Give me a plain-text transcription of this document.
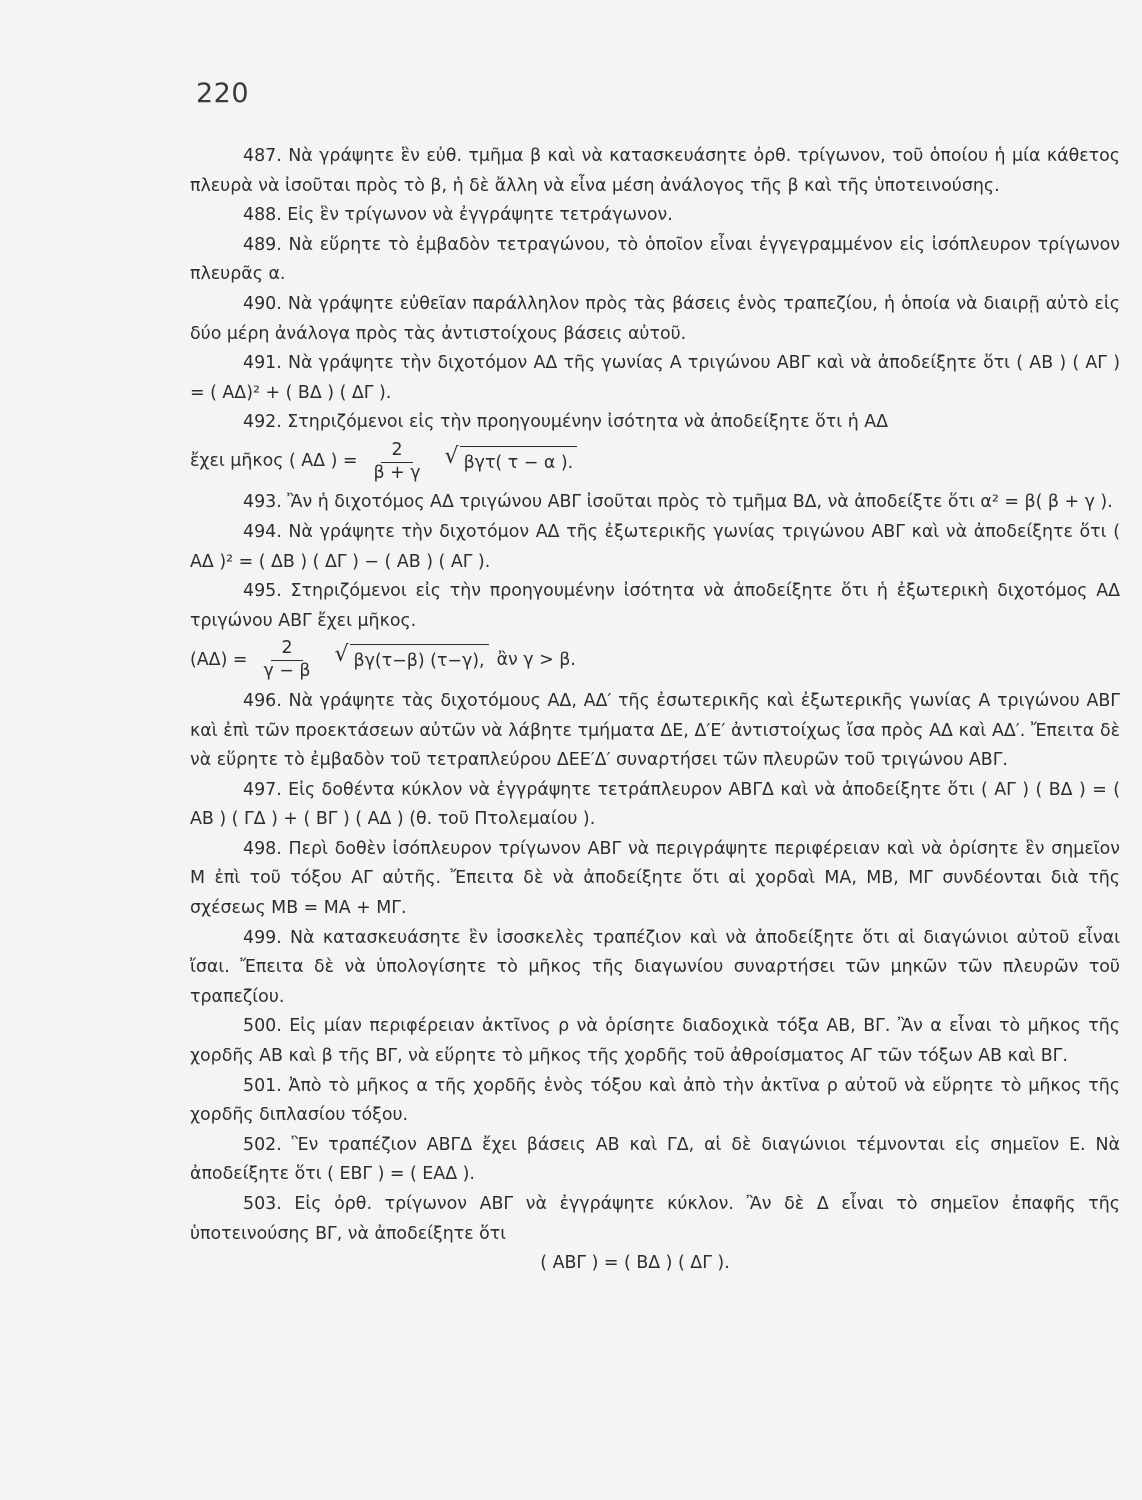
220

487. Νὰ γράψητε ἓν εὐθ. τμῆμα β καὶ νὰ κατασκευάσητε ὀρθ. τρίγωνον, τοῦ ὁποίου ἡ μία κάθετος πλευρὰ νὰ ἰσοῦται πρὸς τὸ β, ἡ δὲ ἄλλη νὰ εἶνα μέση ἀνάλογος τῆς β καὶ τῆς ὑποτεινούσης.

488. Εἰς ἓν τρίγωνον νὰ ἐγγράψητε τετράγωνον.

489. Νὰ εὕρητε τὸ ἐμβαδὸν τετραγώνου, τὸ ὁποῖον εἶναι ἐγγεγραμμένον εἰς ἰσόπλευρον τρίγωνον πλευρᾶς α.

490. Νὰ γράψητε εὐθεῖαν παράλληλον πρὸς τὰς βάσεις ἑνὸς τραπεζίου, ἡ ὁποία νὰ διαιρῇ αὐτὸ εἰς δύο μέρη ἀνάλογα πρὸς τὰς ἀντιστοίχους βάσεις αὐτοῦ.

491. Νὰ γράψητε τὴν διχοτόμον ΑΔ τῆς γωνίας Α τριγώνου ΑΒΓ καὶ νὰ ἀποδείξητε ὅτι ( ΑΒ ) ( ΑΓ ) = ( ΑΔ)² + ( ΒΔ ) ( ΔΓ ).

492. Στηριζόμενοι εἰς τὴν προηγουμένην ἰσότητα νὰ ἀποδείξητε ὅτι ἡ ΑΔ

ἔχει μῆκος ( ΑΔ ) = $\frac{2}{\beta + \gamma}$ √ βγτ( τ − α ).

493. Ἂν ἡ διχοτόμος ΑΔ τριγώνου ΑΒΓ ἰσοῦται πρὸς τὸ τμῆμα ΒΔ, νὰ ἀποδείξτε ὅτι α² = β( β + γ ).

494. Νὰ γράψητε τὴν διχοτόμον ΑΔ τῆς ἐξωτερικῆς γωνίας τριγώνου ΑΒΓ καὶ νὰ ἀποδείξητε ὅτι ( ΑΔ )² = ( ΔΒ ) ( ΔΓ ) − ( ΑΒ ) ( ΑΓ ).

495. Στηριζόμενοι εἰς τὴν προηγουμένην ἰσότητα νὰ ἀποδείξητε ὅτι ἡ ἐξωτερικὴ διχοτόμος ΑΔ τριγώνου ΑΒΓ ἔχει μῆκος.

$(A\Delta) = \frac{2}{\gamma - \beta}$ √ βγ(τ−β) (τ−γ), ἂν γ > β.

496. Νὰ γράψητε τὰς διχοτόμους ΑΔ, ΑΔ′ τῆς ἐσωτερικῆς καὶ ἐξωτερικῆς γωνίας Α τριγώνου ΑΒΓ καὶ ἐπὶ τῶν προεκτάσεων αὐτῶν νὰ λάβητε τμήματα ΔΕ, Δ′Ε′ ἀντιστοίχως ἴσα πρὸς ΑΔ καὶ ΑΔ′. Ἔπειτα δὲ νὰ εὕρητε τὸ ἐμβαδὸν τοῦ τετραπλεύρου ΔΕΕ′Δ′ συναρτήσει τῶν πλευρῶν τοῦ τριγώνου ΑΒΓ.

497. Εἰς δοθέντα κύκλον νὰ ἐγγράψητε τετράπλευρον ΑΒΓΔ καὶ νὰ ἀποδείξητε ὅτι ( ΑΓ ) ( ΒΔ ) = ( ΑΒ ) ( ΓΔ ) + ( ΒΓ ) ( ΑΔ ) (θ. τοῦ Πτολεμαίου ).

498. Περὶ δοθὲν ἰσόπλευρον τρίγωνον ΑΒΓ νὰ περιγράψητε περιφέρειαν καὶ νὰ ὁρίσητε ἓν σημεῖον Μ ἐπὶ τοῦ τόξου ΑΓ αὐτῆς. Ἔπειτα δὲ νὰ ἀποδείξητε ὅτι αἱ χορδαὶ ΜΑ, ΜΒ, ΜΓ συνδέονται διὰ τῆς σχέσεως ΜΒ = ΜΑ + ΜΓ.

499. Νὰ κατασκευάσητε ἓν ἰσοσκελὲς τραπέζιον καὶ νὰ ἀποδείξητε ὅτι αἱ διαγώνιοι αὐτοῦ εἶναι ἴσαι. Ἔπειτα δὲ νὰ ὑπολογίσητε τὸ μῆκος τῆς διαγωνίου συναρτήσει τῶν μηκῶν τῶν πλευρῶν τοῦ τραπεζίου.

500. Εἰς μίαν περιφέρειαν ἀκτῖνος ρ νὰ ὁρίσητε διαδοχικὰ τόξα ΑΒ, ΒΓ. Ἂν α εἶναι τὸ μῆκος τῆς χορδῆς ΑΒ καὶ β τῆς ΒΓ, νὰ εὕρητε τὸ μῆκος τῆς χορδῆς τοῦ ἀθροίσματος ΑΓ τῶν τόξων ΑΒ καὶ ΒΓ.

501. Ἀπὸ τὸ μῆκος α τῆς χορδῆς ἑνὸς τόξου καὶ ἀπὸ τὴν ἀκτῖνα ρ αὐτοῦ νὰ εὕρητε τὸ μῆκος τῆς χορδῆς διπλασίου τόξου.

502. Ἓν τραπέζιον ΑΒΓΔ ἔχει βάσεις ΑΒ καὶ ΓΔ, αἱ δὲ διαγώνιοι τέμνονται εἰς σημεῖον Ε. Νὰ ἀποδείξητε ὅτι ( ΕΒΓ ) = ( ΕΑΔ ).

503. Εἰς ὀρθ. τρίγωνον ΑΒΓ νὰ ἐγγράψητε κύκλον. Ἂν δὲ Δ εἶναι τὸ σημεῖον ἐπαφῆς τῆς ὑποτεινούσης ΒΓ, νὰ ἀποδείξητε ὅτι

( ΑΒΓ ) = ( ΒΔ ) ( ΔΓ ).
